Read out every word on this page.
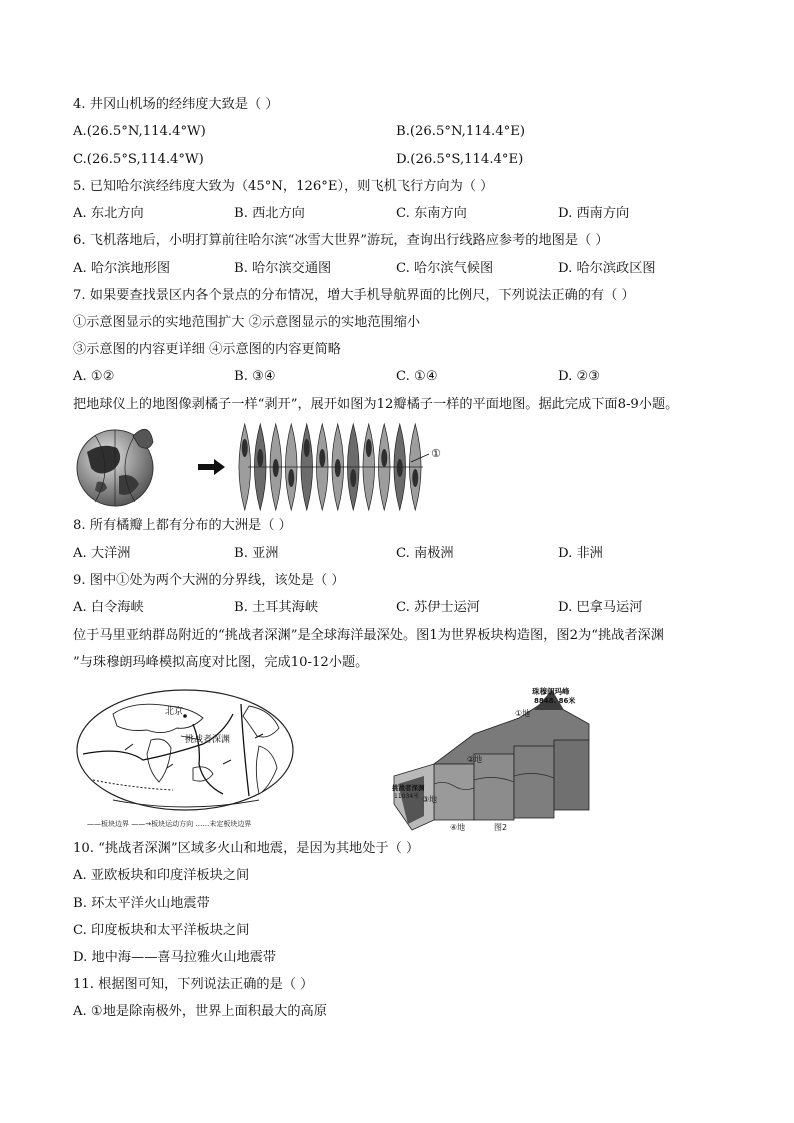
4. 井冈山机场的经纬度大致是（ ）
A.(26.5°N,114.4°W)	B.(26.5°N,114.4°E)
C.(26.5°S,114.4°W)	D.(26.5°S,114.4°E)
5. 已知哈尔滨经纬度大致为（45°N，126°E），则飞机飞行方向为（ ）
A. 东北方向	B. 西北方向	C. 东南方向	D. 西南方向
6. 飞机落地后，小明打算前往哈尔滨“冰雪大世界”游玩，查询出行线路应参考的地图是（ ）
A. 哈尔滨地形图	B. 哈尔滨交通图	C. 哈尔滨气候图	D. 哈尔滨政区图
7. 如果要查找景区内各个景点的分布情况，增大手机导航界面的比例尺，下列说法正确的有（ ）
①示意图显示的实地范围扩大 ②示意图显示的实地范围缩小
③示意图的内容更详细 ④示意图的内容更简略
A. ①②	B. ③④	C. ①④	D. ②③
把地球仪上的地图像剥橘子一样“剥开”，展开如图为12瓣橘子一样的平面地图。据此完成下面8-9小题。
①
8. 所有橘瓣上都有分布的大洲是（ ）
A. 大洋洲	B. 亚洲	C. 南极洲	D. 非洲
9. 图中①处为两个大洲的分界线，该处是（ ）
A. 白令海峡	B. 土耳其海峡	C. 苏伊士运河	D. 巴拿马运河
位于马里亚纳群岛附近的“挑战者深渊”是全球海洋最深处。图1为世界板块构造图，图2为“挑战者深渊
”与珠穆朗玛峰模拟高度对比图，完成10-12小题。
北京
挑战者深渊
——板块边界 ——→板块运动方向 ……未定板块边界
珠穆朗玛峰
8848. 86米
①地
②地
③地
挑战者深渊
11034米
④地	图2
10. “挑战者深渊”区域多火山和地震，是因为其地处于（ ）
A. 亚欧板块和印度洋板块之间
B. 环太平洋火山地震带
C. 印度板块和太平洋板块之间
D. 地中海——喜马拉雅火山地震带
11. 根据图可知，下列说法正确的是（ ）
A. ①地是除南极外，世界上面积最大的高原
